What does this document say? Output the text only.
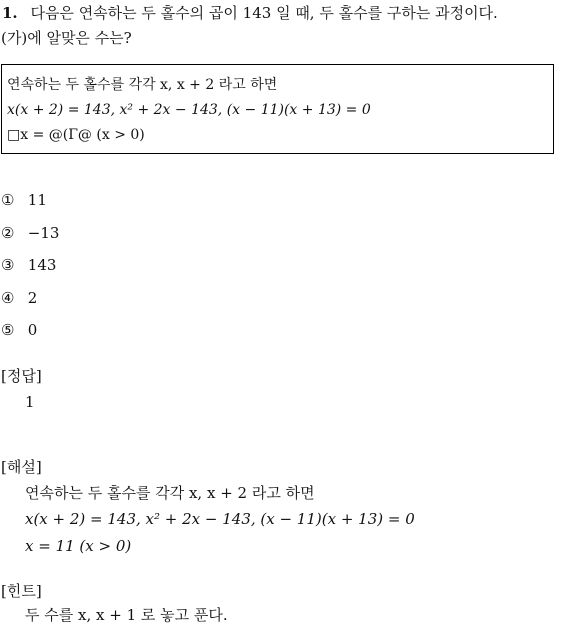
1. 다음은 연속하는 두 홀수의 곱이 143 일 때, 두 홀수를 구하는 과정이다.
(가)에 알맞은 수는?
연속하는 두 홀수를 각각 x, x + 2 라고 하면
x(x + 2) = 143, x² + 2x − 143, (x − 11)(x + 13) = 0
□x = @(Γ@ (x > 0)
① 11
② −13
③ 143
④ 2
⑤ 0
[정답]
1
[해설]
연속하는 두 홀수를 각각 x, x + 2 라고 하면
x(x + 2) = 143, x² + 2x − 143, (x − 11)(x + 13) = 0
x = 11 (x > 0)
[힌트]
두 수를 x, x + 1 로 놓고 푼다.
